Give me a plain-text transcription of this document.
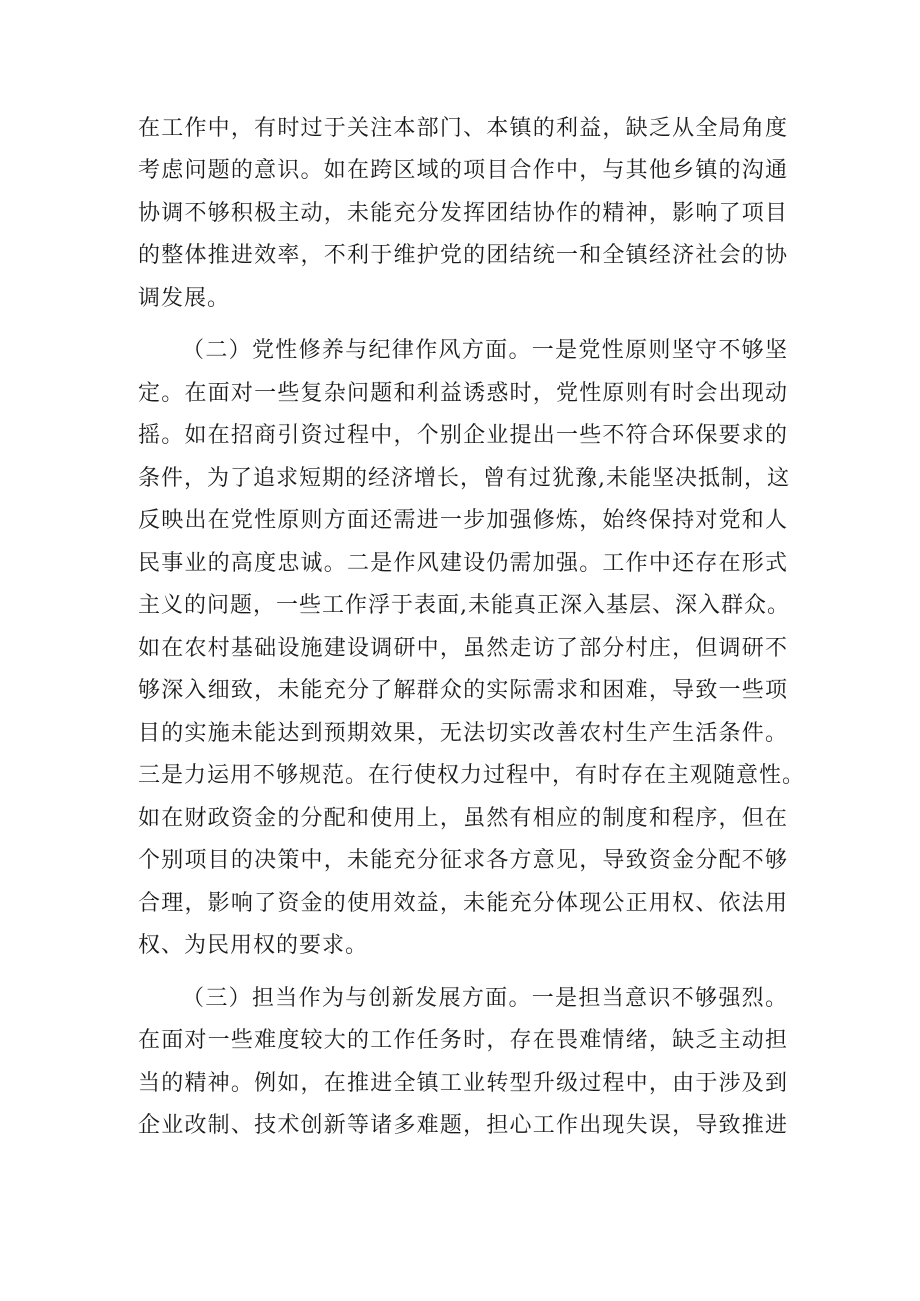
在工作中，有时过于关注本部门、本镇的利益，缺乏从全局角度
考虑问题的意识。如在跨区域的项目合作中，与其他乡镇的沟通
协调不够积极主动，未能充分发挥团结协作的精神，影响了项目
的整体推进效率，不利于维护党的团结统一和全镇经济社会的协
调发展。
（二）党性修养与纪律作风方面。一是党性原则坚守不够坚
定。在面对一些复杂问题和利益诱惑时，党性原则有时会出现动
摇。如在招商引资过程中，个别企业提出一些不符合环保要求的
条件，为了追求短期的经济增长，曾有过犹豫,未能坚决抵制，这
反映出在党性原则方面还需进一步加强修炼，始终保持对党和人
民事业的高度忠诚。二是作风建设仍需加强。工作中还存在形式
主义的问题，一些工作浮于表面,未能真正深入基层、深入群众。
如在农村基础设施建设调研中，虽然走访了部分村庄，但调研不
够深入细致，未能充分了解群众的实际需求和困难，导致一些项
目的实施未能达到预期效果，无法切实改善农村生产生活条件。
三是力运用不够规范。在行使权力过程中，有时存在主观随意性。
如在财政资金的分配和使用上，虽然有相应的制度和程序，但在
个别项目的决策中，未能充分征求各方意见，导致资金分配不够
合理，影响了资金的使用效益，未能充分体现公正用权、依法用
权、为民用权的要求。
（三）担当作为与创新发展方面。一是担当意识不够强烈。
在面对一些难度较大的工作任务时，存在畏难情绪，缺乏主动担
当的精神。例如，在推进全镇工业转型升级过程中，由于涉及到
企业改制、技术创新等诸多难题，担心工作出现失误，导致推进
